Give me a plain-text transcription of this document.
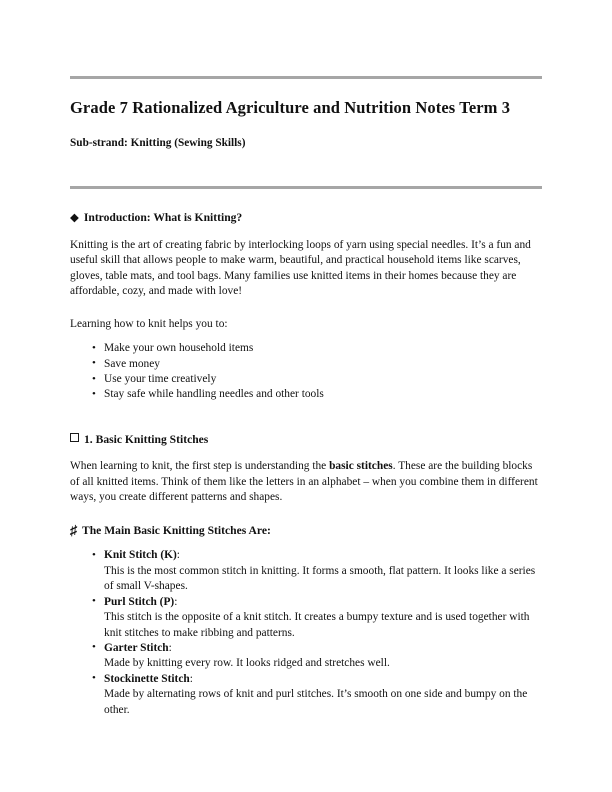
Grade 7 Rationalized Agriculture and Nutrition Notes Term 3
Sub-strand: Knitting (Sewing Skills)
◆ Introduction: What is Knitting?

Knitting is the art of creating fabric by interlocking loops of yarn using special needles. It’s a fun and useful skill that allows people to make warm, beautiful, and practical household items like scarves, gloves, table mats, and tool bags. Many families use knitted items in their homes because they are affordable, cozy, and made with love!

Learning how to knit helps you to:

• Make your own household items
• Save money
• Use your time creatively
• Stay safe while handling needles and other tools
1. Basic Knitting Stitches

When learning to knit, the first step is understanding the basic stitches. These are the building blocks of all knitted items. Think of them like the letters in an alphabet – when you combine them in different ways, you create different patterns and shapes.

♯ The Main Basic Knitting Stitches Are:
• Knit Stitch (K):
This is the most common stitch in knitting. It forms a smooth, flat pattern. It looks like a series of small V-shapes.
• Purl Stitch (P):
This stitch is the opposite of a knit stitch. It creates a bumpy texture and is used together with knit stitches to make ribbing and patterns.
• Garter Stitch:
Made by knitting every row. It looks ridged and stretches well.
• Stockinette Stitch:
Made by alternating rows of knit and purl stitches. It’s smooth on one side and bumpy on the other.
